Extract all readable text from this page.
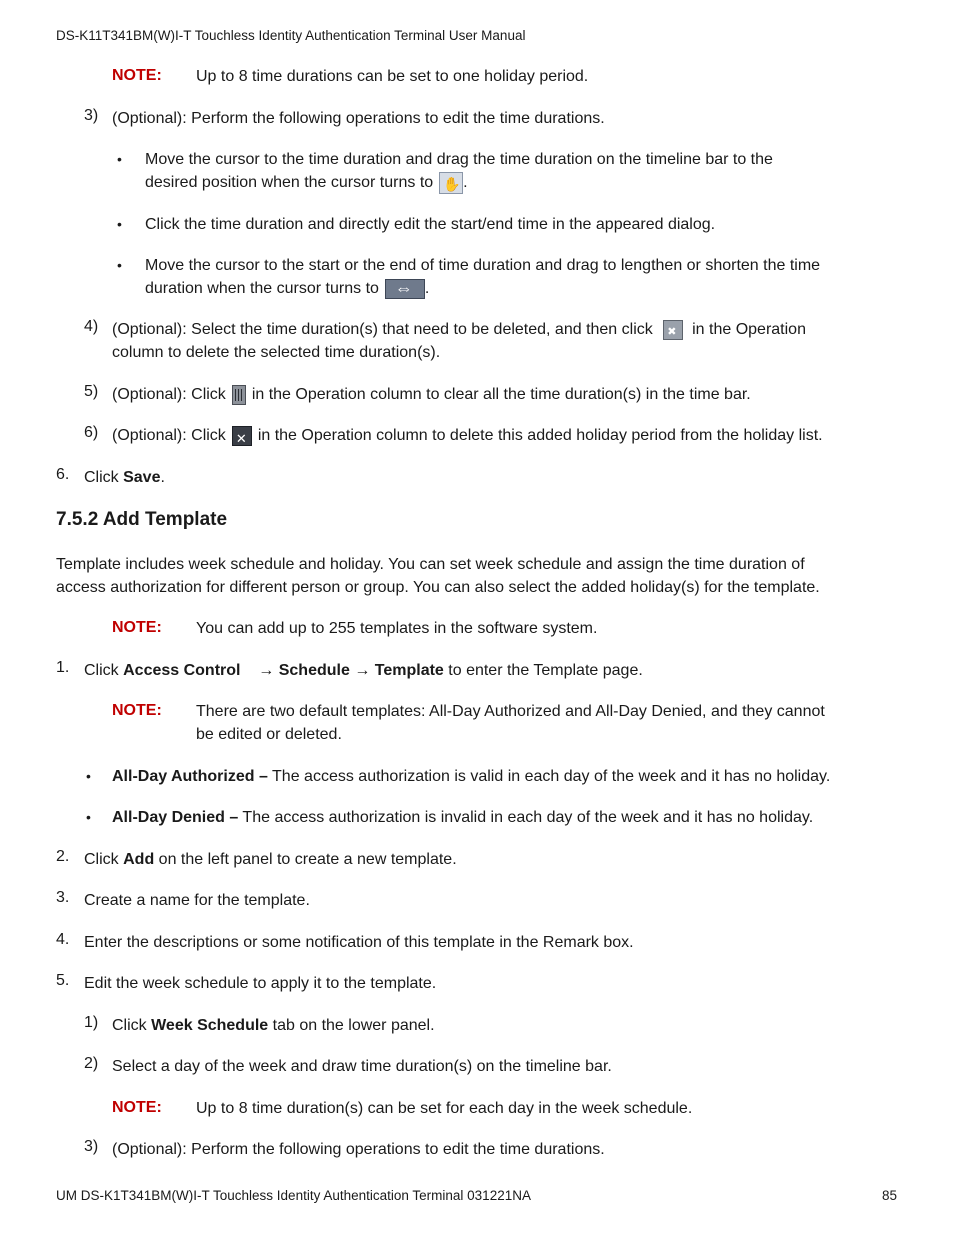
DS-K11T341BM(W)I-T Touchless Identity Authentication Terminal User Manual
NOTE: Up to 8 time durations can be set to one holiday period.
3) (Optional): Perform the following operations to edit the time durations.
• Move the cursor to the time duration and drag the time duration on the timeline bar to the
desired position when the cursor turns to ✋ .
• Click the time duration and directly edit the start/end time in the appeared dialog.
• Move the cursor to the start or the end of time duration and drag to lengthen or shorten the time
duration when the cursor turns to ⇔	.
4) (Optional): Select the time duration(s) that need to be deleted, and then click ✖ in the Operation
column to delete the selected time duration(s).
5) (Optional): Click in the Operation column to clear all the time duration(s) in the time bar.
6) (Optional): Click ✕ in the Operation column to delete this added holiday period from the holiday list.
6. Click Save.
7.5.2 Add Template
Template includes week schedule and holiday. You can set week schedule and assign the time duration of
access authorization for different person or group. You can also select the added holiday(s) for the template.
NOTE: You can add up to 255 templates in the software system.
1. Click Access Control → Schedule → Template to enter the Template page.
NOTE: There are two default templates: All-Day Authorized and All-Day Denied, and they cannot
be edited or deleted.
• All-Day Authorized – The access authorization is valid in each day of the week and it has no holiday.
• All-Day Denied – The access authorization is invalid in each day of the week and it has no holiday.
2. Click Add on the left panel to create a new template.
3. Create a name for the template.
4. Enter the descriptions or some notification of this template in the Remark box.
5. Edit the week schedule to apply it to the template.
1) Click Week Schedule tab on the lower panel.
2) Select a day of the week and draw time duration(s) on the timeline bar.
NOTE: Up to 8 time duration(s) can be set for each day in the week schedule.
3) (Optional): Perform the following operations to edit the time durations.
UM DS-K1T341BM(W)I-T Touchless Identity Authentication Terminal 031221NA	85
